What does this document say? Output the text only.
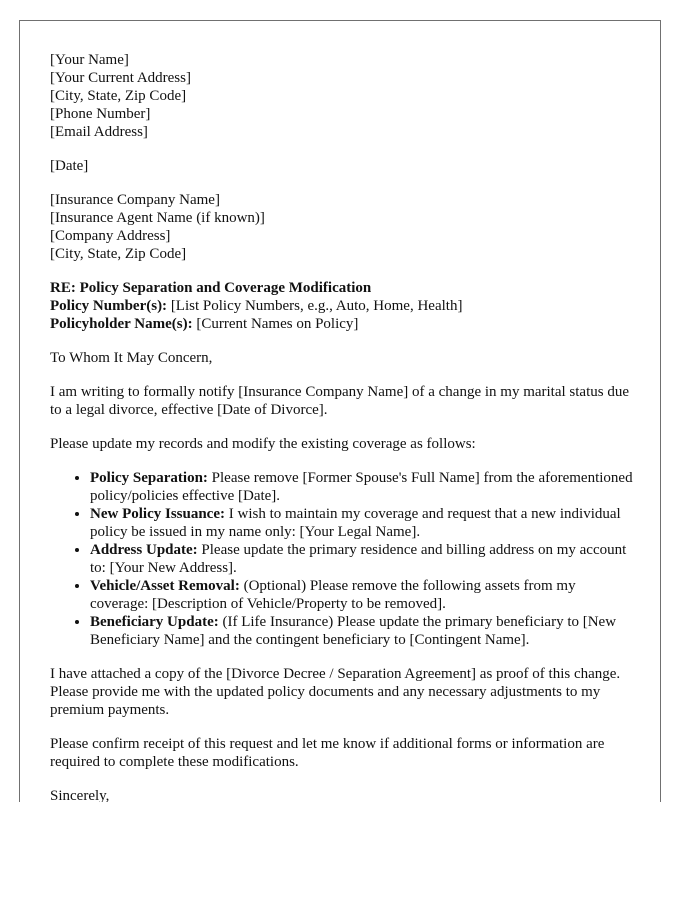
[Your Name]
[Your Current Address]
[City, State, Zip Code]
[Phone Number]
[Email Address]
[Date]
[Insurance Company Name]
[Insurance Agent Name (if known)]
[Company Address]
[City, State, Zip Code]
RE: Policy Separation and Coverage Modification
Policy Number(s): [List Policy Numbers, e.g., Auto, Home, Health]
Policyholder Name(s): [Current Names on Policy]

To Whom It May Concern,

I am writing to formally notify [Insurance Company Name] of a change in my marital status due to a legal divorce, effective [Date of Divorce].

Please update my records and modify the existing coverage as follows:

• Policy Separation: Please remove [Former Spouse's Full Name] from the aforementioned policy/policies effective [Date].
• New Policy Issuance: I wish to maintain my coverage and request that a new individual policy be issued in my name only: [Your Legal Name].
• Address Update: Please update the primary residence and billing address on my account to: [Your New Address].
• Vehicle/Asset Removal: (Optional) Please remove the following assets from my coverage: [Description of Vehicle/Property to be removed].
• Beneficiary Update: (If Life Insurance) Please update the primary beneficiary to [New Beneficiary Name] and the contingent beneficiary to [Contingent Name].

I have attached a copy of the [Divorce Decree / Separation Agreement] as proof of this change. Please provide me with the updated policy documents and any necessary adjustments to my premium payments.

Please confirm receipt of this request and let me know if additional forms or information are required to complete these modifications.

Sincerely,
